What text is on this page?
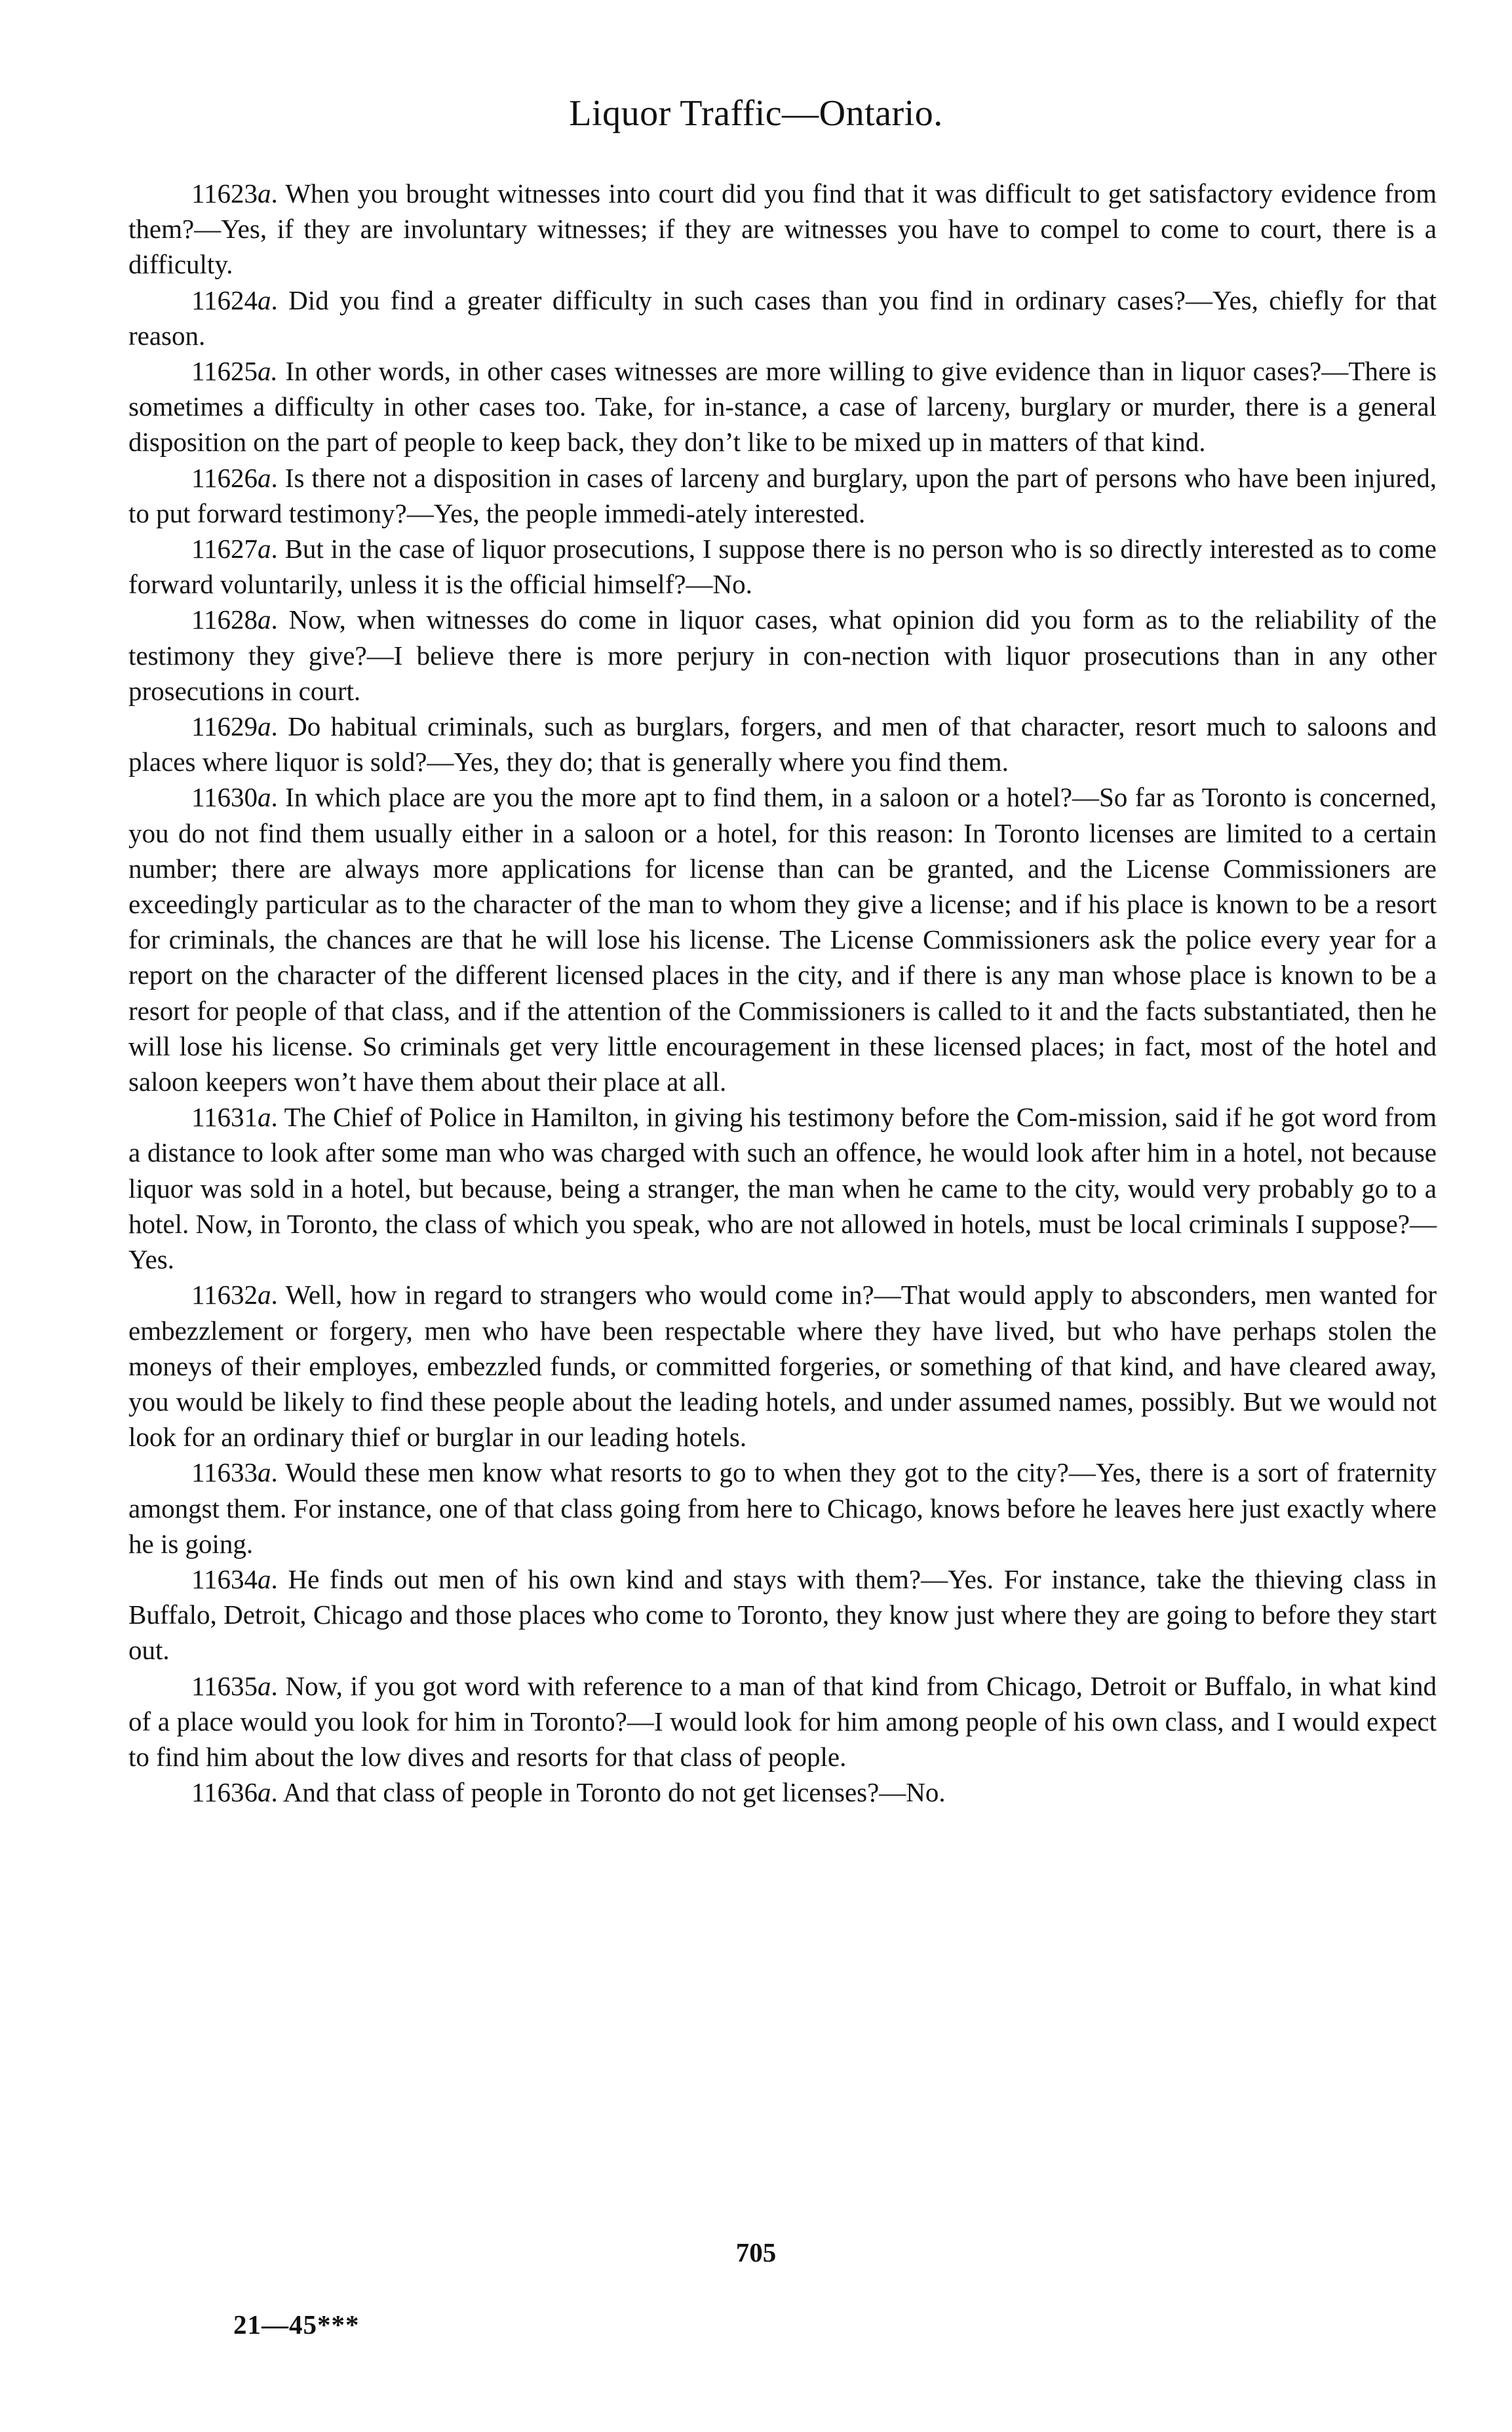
Liquor Traffic—Ontario.

11623a. When you brought witnesses into court did you find that it was difficult to get satisfactory evidence from them?—Yes, if they are involuntary witnesses; if they are witnesses you have to compel to come to court, there is a difficulty.

11624a. Did you find a greater difficulty in such cases than you find in ordinary cases?—Yes, chiefly for that reason.

11625a. In other words, in other cases witnesses are more willing to give evidence than in liquor cases?—There is sometimes a difficulty in other cases too. Take, for in-stance, a case of larceny, burglary or murder, there is a general disposition on the part of people to keep back, they don’t like to be mixed up in matters of that kind.

11626a. Is there not a disposition in cases of larceny and burglary, upon the part of persons who have been injured, to put forward testimony?—Yes, the people immedi-ately interested.

11627a. But in the case of liquor prosecutions, I suppose there is no person who is so directly interested as to come forward voluntarily, unless it is the official himself?—No.

11628a. Now, when witnesses do come in liquor cases, what opinion did you form as to the reliability of the testimony they give?—I believe there is more perjury in con-nection with liquor prosecutions than in any other prosecutions in court.

11629a. Do habitual criminals, such as burglars, forgers, and men of that character, resort much to saloons and places where liquor is sold?—Yes, they do; that is generally where you find them.

11630a. In which place are you the more apt to find them, in a saloon or a hotel?—So far as Toronto is concerned, you do not find them usually either in a saloon or a hotel, for this reason: In Toronto licenses are limited to a certain number; there are always more applications for license than can be granted, and the License Commissioners are exceedingly particular as to the character of the man to whom they give a license; and if his place is known to be a resort for criminals, the chances are that he will lose his license. The License Commissioners ask the police every year for a report on the character of the different licensed places in the city, and if there is any man whose place is known to be a resort for people of that class, and if the attention of the Commissioners is called to it and the facts substantiated, then he will lose his license. So criminals get very little encouragement in these licensed places; in fact, most of the hotel and saloon keepers won’t have them about their place at all.

11631a. The Chief of Police in Hamilton, in giving his testimony before the Com-mission, said if he got word from a distance to look after some man who was charged with such an offence, he would look after him in a hotel, not because liquor was sold in a hotel, but because, being a stranger, the man when he came to the city, would very probably go to a hotel. Now, in Toronto, the class of which you speak, who are not allowed in hotels, must be local criminals I suppose?—Yes.

11632a. Well, how in regard to strangers who would come in?—That would apply to absconders, men wanted for embezzlement or forgery, men who have been respectable where they have lived, but who have perhaps stolen the moneys of their employes, embezzled funds, or committed forgeries, or something of that kind, and have cleared away, you would be likely to find these people about the leading hotels, and under assumed names, possibly. But we would not look for an ordinary thief or burglar in our leading hotels.

11633a. Would these men know what resorts to go to when they got to the city?—Yes, there is a sort of fraternity amongst them. For instance, one of that class going from here to Chicago, knows before he leaves here just exactly where he is going.

11634a. He finds out men of his own kind and stays with them?—Yes. For instance, take the thieving class in Buffalo, Detroit, Chicago and those places who come to Toronto, they know just where they are going to before they start out.

11635a. Now, if you got word with reference to a man of that kind from Chicago, Detroit or Buffalo, in what kind of a place would you look for him in Toronto?—I would look for him among people of his own class, and I would expect to find him about the low dives and resorts for that class of people.

11636a. And that class of people in Toronto do not get licenses?—No.

705
21—45***
